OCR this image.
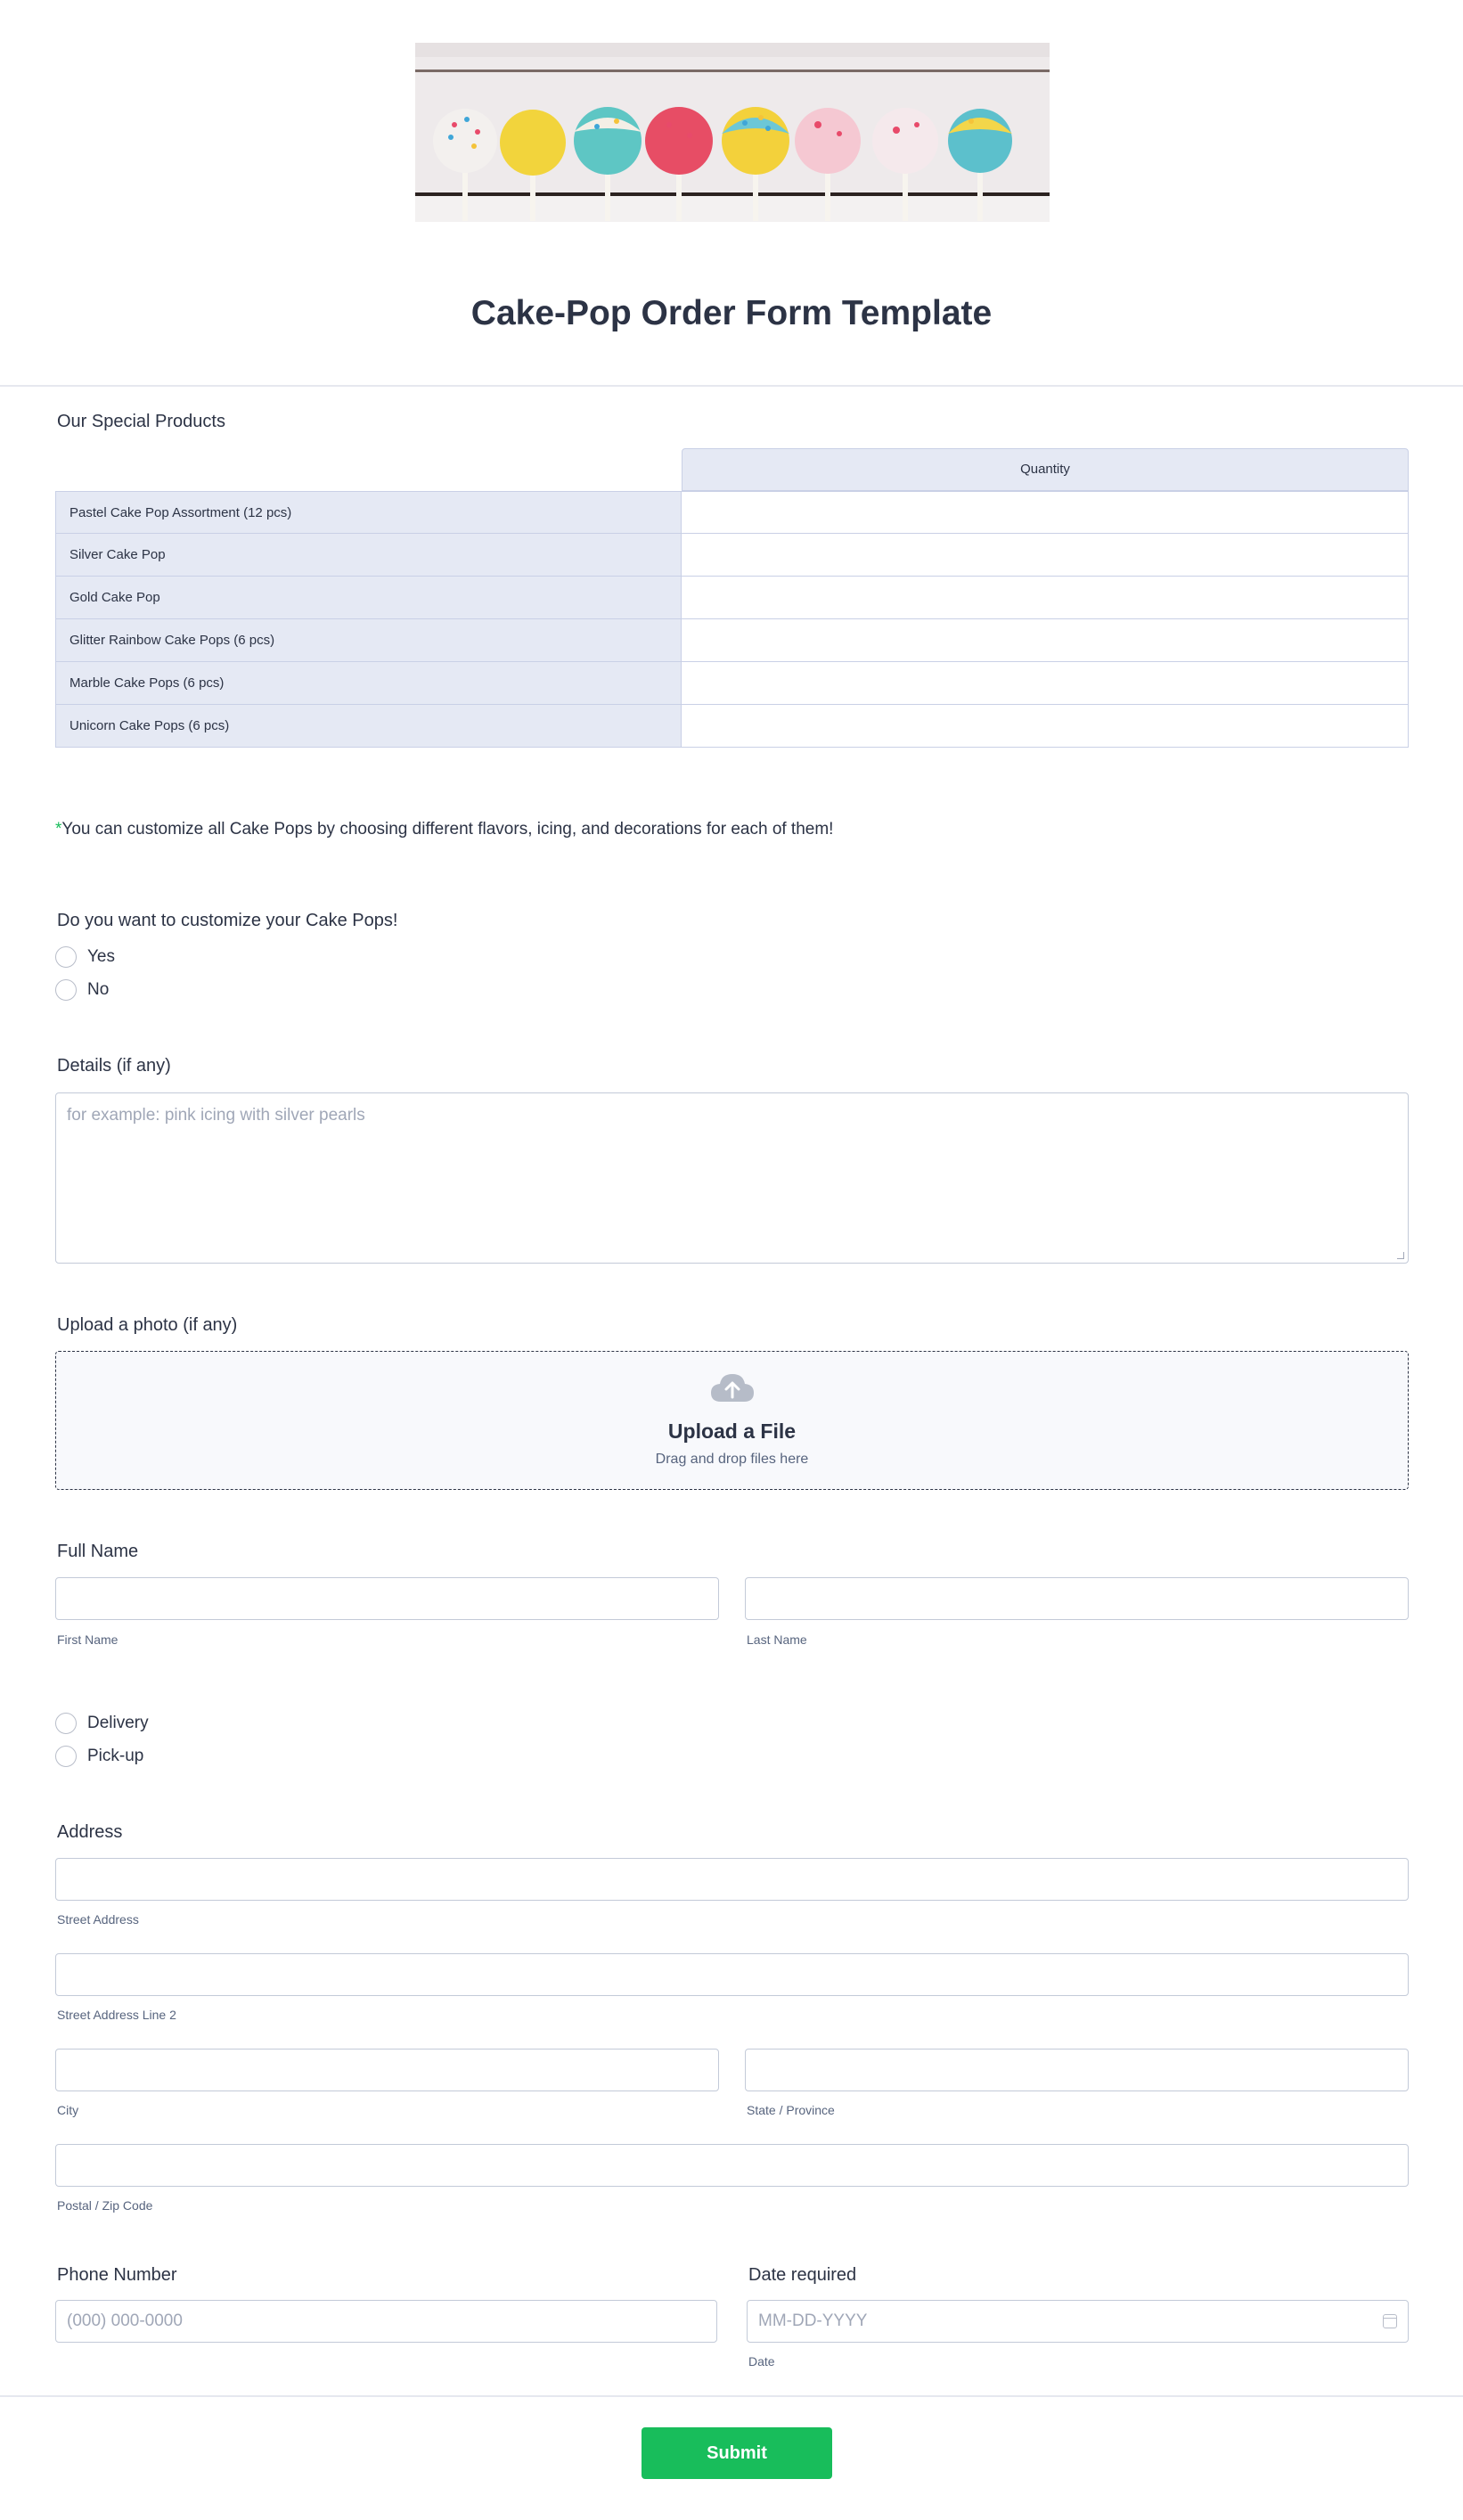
Cake-Pop Order Form Template
Our Special Products
Quantity
Pastel Cake Pop Assortment (12 pcs)
Silver Cake Pop
Gold Cake Pop
Glitter Rainbow Cake Pops (6 pcs)
Marble Cake Pops (6 pcs)
Unicorn Cake Pops (6 pcs)
*You can customize all Cake Pops by choosing different flavors, icing, and decorations for each of them!
Do you want to customize your Cake Pops!
Yes
No
Details (if any)
for example: pink icing with silver pearls
Upload a photo (if any)
Upload a File
Drag and drop files here
Full Name
First Name	Last Name
Delivery
Pick-up
Address
Street Address
Street Address Line 2
City	State / Province
Postal / Zip Code
Phone Number
(000) 000-0000
Date required
MM-DD-YYYY
Date
Submit
